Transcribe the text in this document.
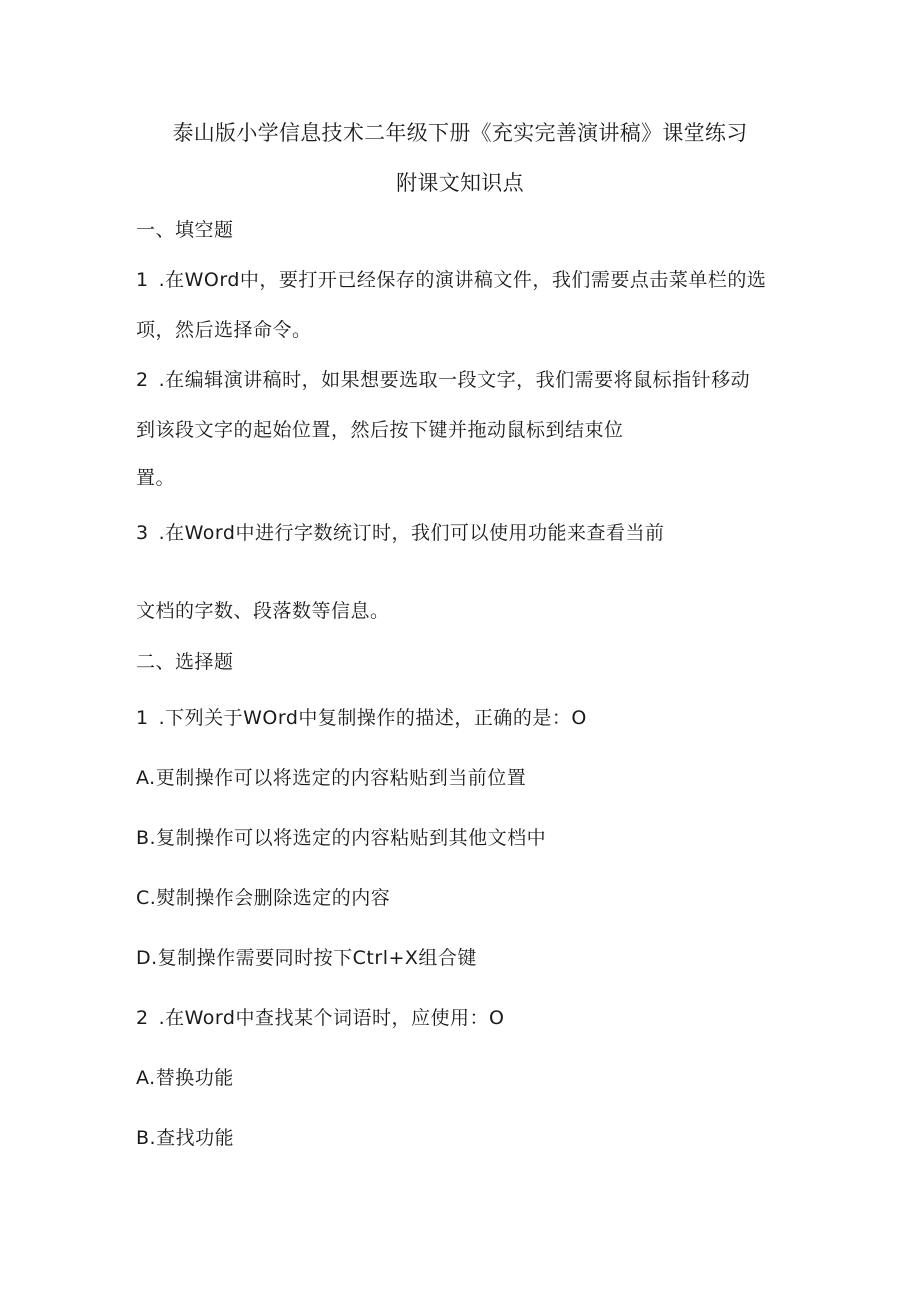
泰山版小学信息技术二年级下册《充实完善演讲稿》课堂练习
附课文知识点
一、填空题
1 .在WOrd中，要打开已经保存的演讲稿文件，我们需要点击菜单栏的选
项，然后选择命令。
2 .在编辑演讲稿时，如果想要选取一段文字，我们需要将鼠标指针移动
到该段文字的起始位置，然后按下键并拖动鼠标到结束位
置。
3 .在Word中进行字数统订时，我们可以使用功能来查看当前
文档的字数、段落数等信息。
二、选择题
1 .下列关于WOrd中复制操作的描述，正确的是：O
A.更制操作可以将选定的内容粘贴到当前位置
B.复制操作可以将选定的内容粘贴到其他文档中
C.熨制操作会删除选定的内容
D.复制操作需要同时按下Ctrl+X组合键
2 .在Word中查找某个词语时，应使用：O
A.替换功能
B.查找功能
